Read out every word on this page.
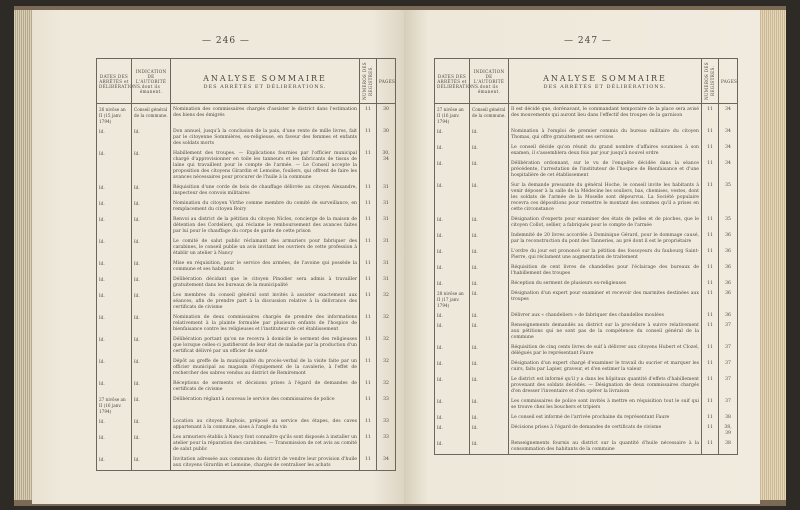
— 246 —
DATES DES ARRÊTÉS et DÉLIBÉRATIONS.	INDICATION DE L'AUTORITÉ dont ils émanent.	ANALYSE SOMMAIRE
DES ARRÊTÉS ET DÉLIBÉRATIONS.	NUMÉROS DES REGISTRES.	PAGES.
26 nivôse an II (15 janv. 1794)	Conseil général de la commune.	Nomination des commissaires chargés d'assister le district dans l'estimation des biens des émigrés	11	30
Id.	Id.	Don annuel, jusqu'à la conclusion de la paix, d'une rente de mille livres, fait par le citoyenne Sommières, ex-religieuse, en faveur des femmes et enfants des soldats morts	11	30
Id.	Id.	Habillement des troupes. — Explications fournies par l'officier municipal chargé d'approvisionner en toile les tanneurs et les fabricants de tissus de laine qui travaillent pour le compte de l'armée. — Le Conseil accepte la proposition des citoyens Girardin et Lemoine, fouliers, qui offrent de faire les avances nécessaires pour procurer de l'huile à la commune	11	30, 34
Id.	Id.	Réquisition d'une corde de bois de chauffage délivrée au citoyen Alexandre, inspecteur des convois militaires	11	31
Id.	Id.	Nomination du citoyen Virthe comme membre du comité de surveillance, en remplacement du citoyen Boiry	11	31
Id.	Id.	Renvoi au district de la pétition du citoyen Nicles, concierge de la maison de détention des Cordeliers, qui réclame le remboursement des avances faites par lui pour le chauffage du corps de garde de cette prison	11	31
Id.	Id.	Le comité de salut public réclamant des armuriers pour fabriquer des carabines, le conseil publie un avis invitant les ouvriers de cette profession à établir un atelier à Nancy	11	31
Id.	Id.	Mise en réquisition, pour le service des armées, de l'avoine qui possède la commune et ses habitants	11	31
Id.	Id.	Délibération décidant que le citoyen Pinodier sera admis à travailler gratuitement dans les bureaux de la municipalité	11	31
Id.	Id.	Les membres du conseil général sont invités à assister exactement aux séances, afin de prendre part à la discussion relative à la délivrance des certificats de civisme	11	32
Id.	Id.	Nomination de deux commissaires chargés de prendre des informations relativement à la plainte formulée par plusieurs enfants de l'hospice de bienfaisance contre les religieuses et l'instituteur de cet établissement	11	32
Id.	Id.	Délibération portant qu'on ne recevra à domicile le serment des religieuses que lorsque celles-ci justifieront de leur état de maladie par la production d'un certificat délivré par un officier de santé	11	32
Id.	Id.	Dépôt au greffe de la municipalité du procès-verbal de la visite faite par un officier municipal au magasin d'équipement de la cavalerie, à l'effet de rechercher des sabres vendus au district de Remiremont	11	32
Id.	Id.	Réceptions de serments et décisions prises à l'égard de demandes de certificats de civisme	11	32
27 nivôse an II (16 janv. 1794)	Id.	Délibération réglant à nouveau le service des commissaires de police	11	33
Id.	Id.	Location au citoyen Raybois, préposé au service des étapes, des caves appartenant à la commune, sises à l'angle du vin	11	33
Id.	Id.	Les armuriers établis à Nancy font connaître qu'ils sont disposés à installer un atelier pour la réparation des carabines. — Transmission de cet avis au comité de salut public	11	33
Id.	Id.	Invitation adressée aux communes du district de vendre leur provision d'huile aux citoyens Girardin et Lemoine, chargés de centraliser les achats	11	34
— 247 —
DATES DES ARRÊTÉS et DÉLIBÉRATIONS.	INDICATION DE L'AUTORITÉ dont ils émanent.	ANALYSE SOMMAIRE
DES ARRÊTÉS ET DÉLIBÉRATIONS.	NUMÉROS DES REGISTRES.	PAGES.
27 nivôse an II (16 janv. 1794)	Conseil général de la commune.	Il est décidé que, dorénavant, le commandant temporaire de la place sera avisé des mouvements qui auront lieu dans l'effectif des troupes de la garnison	11	34
Id.	Id.	Nomination à l'emploi de premier commis du bureau militaire du citoyen Thomas, qui offre gratuitement ses services	11	34
Id.	Id.	Le conseil décide qu'on réunit du grand nombre d'affaires soumises à son examen, il s'assemblera deux fois par jour jusqu'à nouvel ordre	11	34
Id.	Id.	Délibération ordonnant, sur le vu de l'enquête décidée dans la séance précédente, l'arrestation de l'instituteur de l'hospice de Bienfaisance et d'une hospitalière de cet établissement	11	34
Id.	Id.	Sur la demande pressante du général Hoche, le conseil invite les habitants à venir déposer à la salle de la Médecine les souliers, bas, chemises, vestes, dont les soldats de l'armée de la Moselle sont dépourvus. La Société populaire recevra ces dépositions pour remettre le montant des sommes qu'il a prises en cette circonstance	11	35
Id.	Id.	Désignation d'experts pour examiner des états de pelles et de pioches, que le citoyen Collot, sellier, a fabriqués pour le compte de l'armée	11	35
Id.	Id.	Indemnité de 20 livres accordée à Dominique Gérard, pour le dommage causé, par la reconstruction du pont des Tanneries, au pré dont il est le propriétaire	11	36
Id.	Id.	L'ordre du jour est prononcé sur la pétition des fossoyeurs du faubourg Saint-Pierre, qui réclament une augmentation de traitement	11	36
Id.	Id.	Réquisition de cent livres de chandelles pour l'éclairage des bureaux de l'habillement des troupes	11	36
Id.	Id.	Réception du serment de plusieurs ex-religieuses	11	36
28 nivôse an II (17 janv. 1794)	Id.	Désignation d'un expert pour examiner et recevoir des marmites destinées aux troupes	11	36
Id.	Id.	Délivrer aux « chandeliers » de fabriquer des chandelles moulées	11	36
Id.	Id.	Renseignements demandés au district sur la procédure à suivre relativement aux pétitions qui ne sont pas de la compétence du conseil général de la commune	11	37
Id.	Id.	Réquisition de cinq cents livres de suif à délivrer aux citoyens Hubert et Clozel, délégués par le représentant Faure	11	37
Id.	Id.	Désignation d'un expert chargé d'examiner le travail du sucrier et marquer les cuirs, faits par Lapier, graveur, et d'en estimer la valeur	11	37
Id.	Id.	Le district est informé qu'il y a dans les hôpitaux quantité d'effets d'habillement provenant des soldats décédés. — Désignation de deux commissaires chargés d'en dresser l'inventaire et d'en opérer la livraison	11	37
Id.	Id.	Les commissaires de police sont invités à mettre en réquisition tout le suif qui se trouve chez les bouchers et tripiers	11	37
Id.	Id.	Le conseil est informé de l'arrivée prochaine du représentant Faure	11	38
Id.	Id.	Décisions prises à l'égard de demandes de certificats de civisme	11	38, 39
Id.	Id.	Renseignements fournis au district sur la quantité d'huile nécessaire à la consommation des habitants de la commune	11	38
